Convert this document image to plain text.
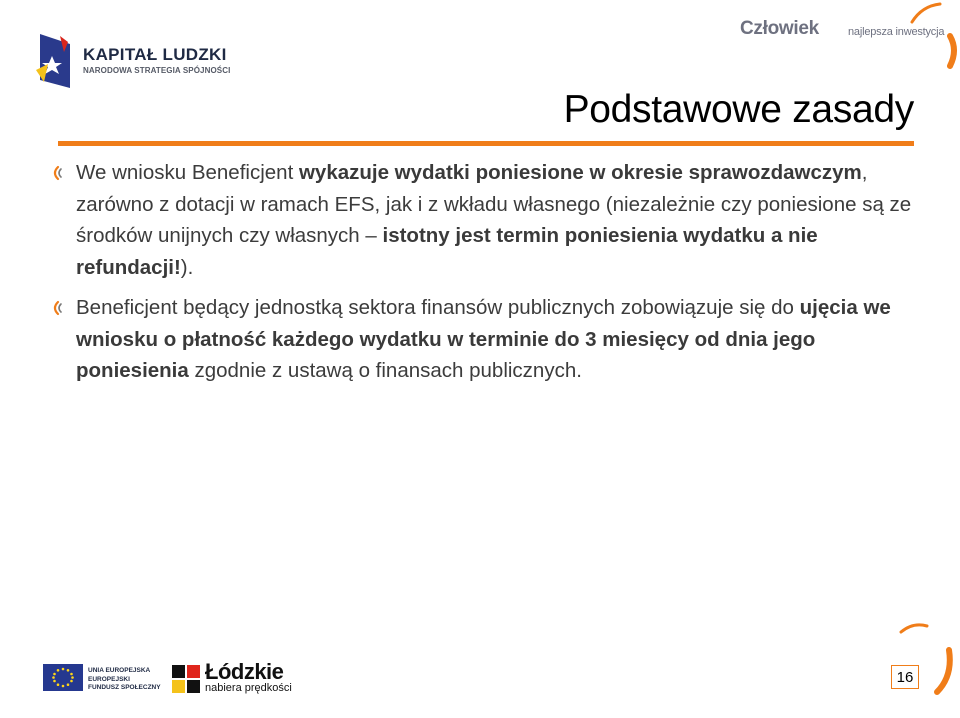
KAPITAŁ LUDZKI
NARODOWA STRATEGIA SPÓJNOŚCI
Człowiek	najlepsza inwestycja
Podstawowe zasady
We wniosku Beneficjent wykazuje wydatki poniesione w okresie sprawozdawczym, zarówno z dotacji w ramach EFS, jak i z wkładu własnego (niezależnie czy poniesione są ze środków unijnych czy własnych – istotny jest termin poniesienia wydatku a nie refundacji!).
Beneficjent będący jednostką sektora finansów publicznych zobowiązuje się do ujęcia we wniosku o płatność każdego wydatku w terminie do 3 miesięcy od dnia jego poniesienia zgodnie z ustawą o finansach publicznych.
UNIA EUROPEJSKA
EUROPEJSKI
FUNDUSZ SPOŁECZNY
Łódzkie
nabiera prędkości
16
